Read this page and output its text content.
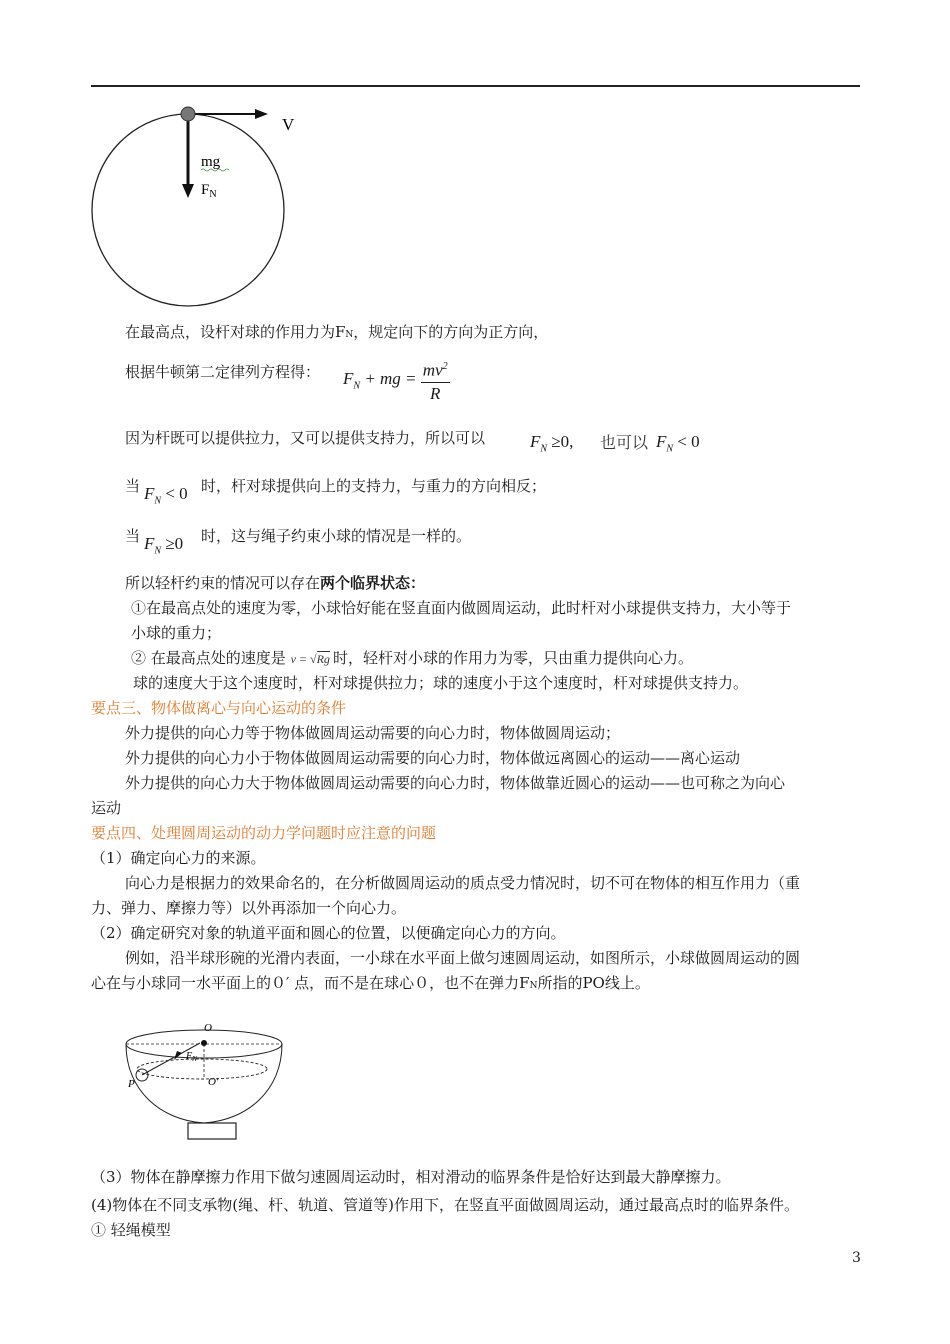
V
mg
$F_N$
在最高点，设杆对球的作用力为FN，规定向下的方向为正方向，
根据牛顿第二定律列方程得： $F_N$ + mg = $\frac{mv^2}{R}$
因为杆既可以提供拉力，又可以提供支持力，所以可以	$F_N \ge 0$, 也可以 $F_N < 0$
当 $F_N < 0$ 时，杆对球提供向上的支持力，与重力的方向相反；
当 $F_N \ge 0$ 时，这与绳子约束小球的情况是一样的。
所以轻杆约束的情况可以存在两个临界状态：
①在最高点处的速度为零，小球恰好能在竖直面内做圆周运动，此时杆对小球提供支持力，大小等于
小球的重力；
② 在最高点处的速度是 v = √Rg 时，轻杆对小球的作用力为零，只由重力提供向心力。
球的速度大于这个速度时，杆对球提供拉力；球的速度小于这个速度时，杆对球提供支持力。
要点三、物体做离心与向心运动的条件
外力提供的向心力等于物体做圆周运动需要的向心力时，物体做圆周运动；
外力提供的向心力小于物体做圆周运动需要的向心力时，物体做远离圆心的运动——离心运动
外力提供的向心力大于物体做圆周运动需要的向心力时，物体做靠近圆心的运动——也可称之为向心
运动
要点四、处理圆周运动的动力学问题时应注意的问题
（1）确定向心力的来源。
向心力是根据力的效果命名的，在分析做圆周运动的质点受力情况时，切不可在物体的相互作用力（重
力、弹力、摩擦力等）以外再添加一个向心力。
（2）确定研究对象的轨道平面和圆心的位置，以便确定向心力的方向。
例如，沿半球形碗的光滑内表面，一小球在水平面上做匀速圆周运动，如图所示，小球做圆周运动的圆
心在与小球同一水平面上的０′ 点，而不是在球心０，也不在弹力FN所指的PO线上。
O
O'
P
$F_N$
（3）物体在静摩擦力作用下做匀速圆周运动时，相对滑动的临界条件是恰好达到最大静摩擦力。
(4)物体在不同支承物(绳、杆、轨道、管道等)作用下，在竖直平面做圆周运动，通过最高点时的临界条件。
① 轻绳模型
3
